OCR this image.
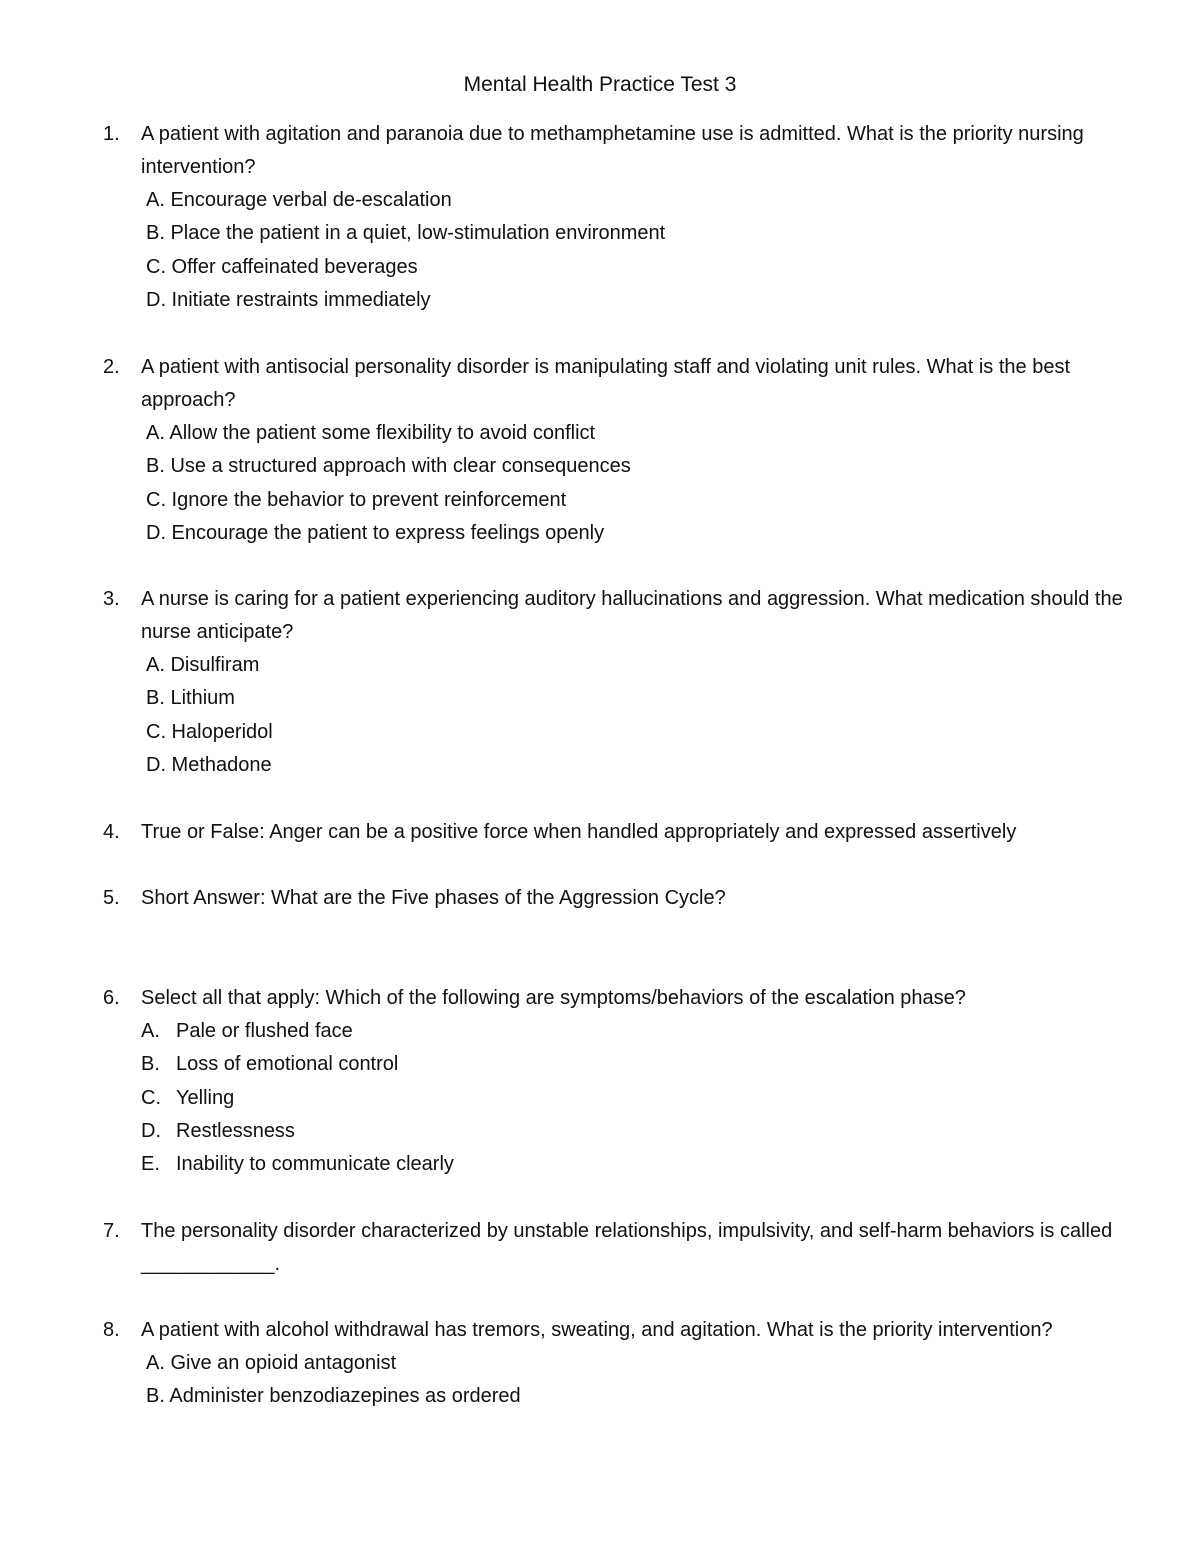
Mental Health Practice Test 3
1.	A patient with agitation and paranoia due to methamphetamine use is admitted. What is the priority nursing intervention?
A. Encourage verbal de-escalation
B. Place the patient in a quiet, low-stimulation environment
C. Offer caffeinated beverages
D. Initiate restraints immediately
2.	A patient with antisocial personality disorder is manipulating staff and violating unit rules. What is the best approach?
A. Allow the patient some flexibility to avoid conflict
B. Use a structured approach with clear consequences
C. Ignore the behavior to prevent reinforcement
D. Encourage the patient to express feelings openly
3.	A nurse is caring for a patient experiencing auditory hallucinations and aggression. What medication should the nurse anticipate?
A. Disulfiram
B. Lithium
C. Haloperidol
D. Methadone
4.	True or False: Anger can be a positive force when handled appropriately and expressed assertively
5.	Short Answer: What are the Five phases of the Aggression Cycle?
6.	Select all that apply: Which of the following are symptoms/behaviors of the escalation phase?
A. Pale or flushed face
B. Loss of emotional control
C. Yelling
D. Restlessness
E. Inability to communicate clearly
7.	The personality disorder characterized by unstable relationships, impulsivity, and self-harm behaviors is called ____________.
8.	A patient with alcohol withdrawal has tremors, sweating, and agitation. What is the priority intervention?
A. Give an opioid antagonist
B. Administer benzodiazepines as ordered
